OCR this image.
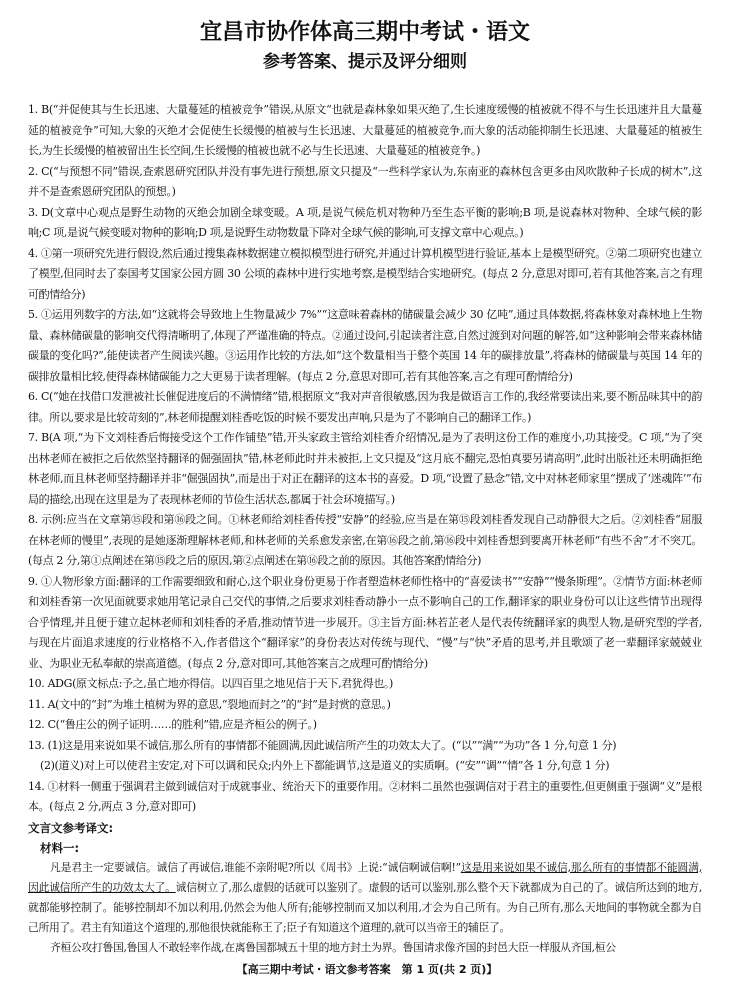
宜昌市协作体高三期中考试・语文
参考答案、提示及评分细则

1. B(“并促使其与生长迅速、大量蔓延的植被竞争”错误,从原文“也就是森林象如果灭绝了,生长速度缓慢的植被就不得不与生长迅速并且大量蔓延的植被竞争”可知,大象的灭绝才会促使生长缓慢的植被与生长迅速、大量蔓延的植被竞争,而大象的活动能抑制生长迅速、大量蔓延的植被生长,为生长缓慢的植被留出生长空间,生长缓慢的植被也就不必与生长迅速、大量蔓延的植被竞争。)

2. C(“与预想不同”错误,查索恩研究团队并没有事先进行预想,原文只提及“一些科学家认为,东南亚的森林包含更多由风吹散种子长成的树木”,这并不是查索恩研究团队的预想。)

3. D(文章中心观点是野生动物的灭绝会加剧全球变暖。A 项,是说气候危机对物种乃至生态平衡的影响;B 项,是说森林对物种、全球气候的影响;C 项,是说气候变暖对物种的影响;D 项,是说野生动物数量下降对全球气候的影响,可支撑文章中心观点。)

4. ①第一项研究先进行假设,然后通过搜集森林数据建立模拟模型进行研究,并通过计算机模型进行验证,基本上是模型研究。②第二项研究也建立了模型,但同时去了泰国考艾国家公园方圆 30 公顷的森林中进行实地考察,是模型结合实地研究。(每点 2 分,意思对即可,若有其他答案,言之有理可酌情给分)

5. ①运用列数字的方法,如“这就将会导致地上生物量减少 7%”“这意味着森林的储碳量会减少 30 亿吨”,通过具体数据,将森林象对森林地上生物量、森林储碳量的影响交代得清晰明了,体现了严谨准确的特点。②通过设问,引起读者注意,自然过渡到对问题的解答,如“这种影响会带来森林储碳量的变化吗?”,能使读者产生阅读兴趣。③运用作比较的方法,如“这个数量相当于整个英国 14 年的碳排放量”,将森林的储碳量与英国 14 年的碳排放量相比较,使得森林储碳能力之大更易于读者理解。(每点 2 分,意思对即可,若有其他答案,言之有理可酌情给分)

6. C(“她在找借口发泄被社长催促进度后的不满情绪”错,根据原文“我对声音很敏感,因为我是做语言工作的,我经常要读出来,要不断品味其中的韵律。所以,要求是比较苛刻的”,林老师提醒刘桂香吃饭的时候不要发出声响,只是为了不影响自己的翻译工作。)

7. B(A 项,“为下文刘桂香后悔接受这个工作作铺垫”错,开头家政主管给刘桂香介绍情况,是为了表明这份工作的难度小,功其接受。C 项,“为了突出林老师在被拒之后依然坚持翻译的倔强固执”错,林老师此时并未被拒,上文只提及“这月底不翻完,恐怕真要另请高明”,此时出版社还未明确拒绝林老师,而且林老师坚持翻译并非“倔强固执”,而是出于对正在翻译的这本书的喜爱。D 项,“设置了悬念”错,文中对林老师家里“摆成了‘迷魂阵’”布局的描绘,出现在这里是为了表现林老师的节俭生活状态,都属于社会环境描写。)

8. 示例:应当在文章第⑮段和第⑯段之间。①林老师给刘桂香传授“安静”的经验,应当是在第⑮段刘桂香发现自己动静很大之后。②刘桂香“屈服在林老师的慢里”,表现的是她逐渐理解林老师,和林老师的关系愈发亲密,在第⑯段之前,第⑯段中刘桂香想到要离开林老师“有些不舍”才不突兀。(每点 2 分,第①点阐述在第⑮段之后的原因,第②点阐述在第⑯段之前的原因。其他答案酌情给分)

9. ①人物形象方面:翻译的工作需要细致和耐心,这个职业身份更易于作者塑造林老师性格中的“喜爱读书”“安静”“慢条斯理”。②情节方面:林老师和刘桂香第一次见面就要求她用笔记录自己交代的事情,之后要求刘桂香动静小一点不影响自己的工作,翻译家的职业身份可以让这些情节出现得合乎情理,并且便于建立起林老师和刘桂香的矛盾,推动情节进一步展开。③主旨方面:林若芷老人是代表传统翻译家的典型人物,是研究型的学者,与现在片面追求速度的行业格格不入,作者借这个“翻译家”的身份表达对传统与现代、“慢”与“快”矛盾的思考,并且歌颂了老一辈翻译家兢兢业业、为职业无私奉献的崇高道德。(每点 2 分,意对即可,其他答案言之成理可酌情给分)

10. ADG(原文标点:予之,虽亡地亦得信。以四百里之地见信于天下,君犹得也。)

11. A(文中的“封”为堆土植树为界的意思,“裂地而封之”的“封”是封赏的意思。)

12. C(“鲁庄公的例子证明……的胜利”错,应是齐桓公的例子。)

13. (1)这是用来说如果不诚信,那么所有的事情都不能圆满,因此诚信所产生的功效太大了。(“以”“满”“为功”各 1 分,句意 1 分)

(2)(道义)对上可以使君主安定,对下可以调和民众;内外上下都能调节,这是道义的实质啊。(“安”“调”“情”各 1 分,句意 1 分)

14. ①材料一侧重于强调君主做到诚信对于成就事业、统治天下的重要作用。②材料二虽然也强调信对于君主的重要性,但更侧重于强调“义”是根本。(每点 2 分,两点 3 分,意对即可)

文言文参考译文:
材料一:

凡是君主一定要诚信。诚信了再诚信,谁能不亲附呢?所以《周书》上说:“诚信啊诚信啊!”这是用来说如果不诚信,那么所有的事情都不能圆满,因此诚信所产生的功效太大了。诚信树立了,那么虚假的话就可以鉴别了。虚假的话可以鉴别,那么整个天下就都成为自己的了。诚信所达到的地方,就都能够控制了。能够控制却不加以利用,仍然会为他人所有;能够控制而又加以利用,才会为自己所有。为自己所有,那么天地间的事物就全都为自己所用了。君主有知道这个道理的,那他很快就能称王了;臣子有知道这个道理的,就可以当帝王的辅臣了。

齐桓公攻打鲁国,鲁国人不敢轻率作战,在离鲁国都城五十里的地方封土为界。鲁国请求像齐国的封邑大臣一样服从齐国,桓公

【高三期中考试・语文参考答案　第 1 页(共 2 页)】
